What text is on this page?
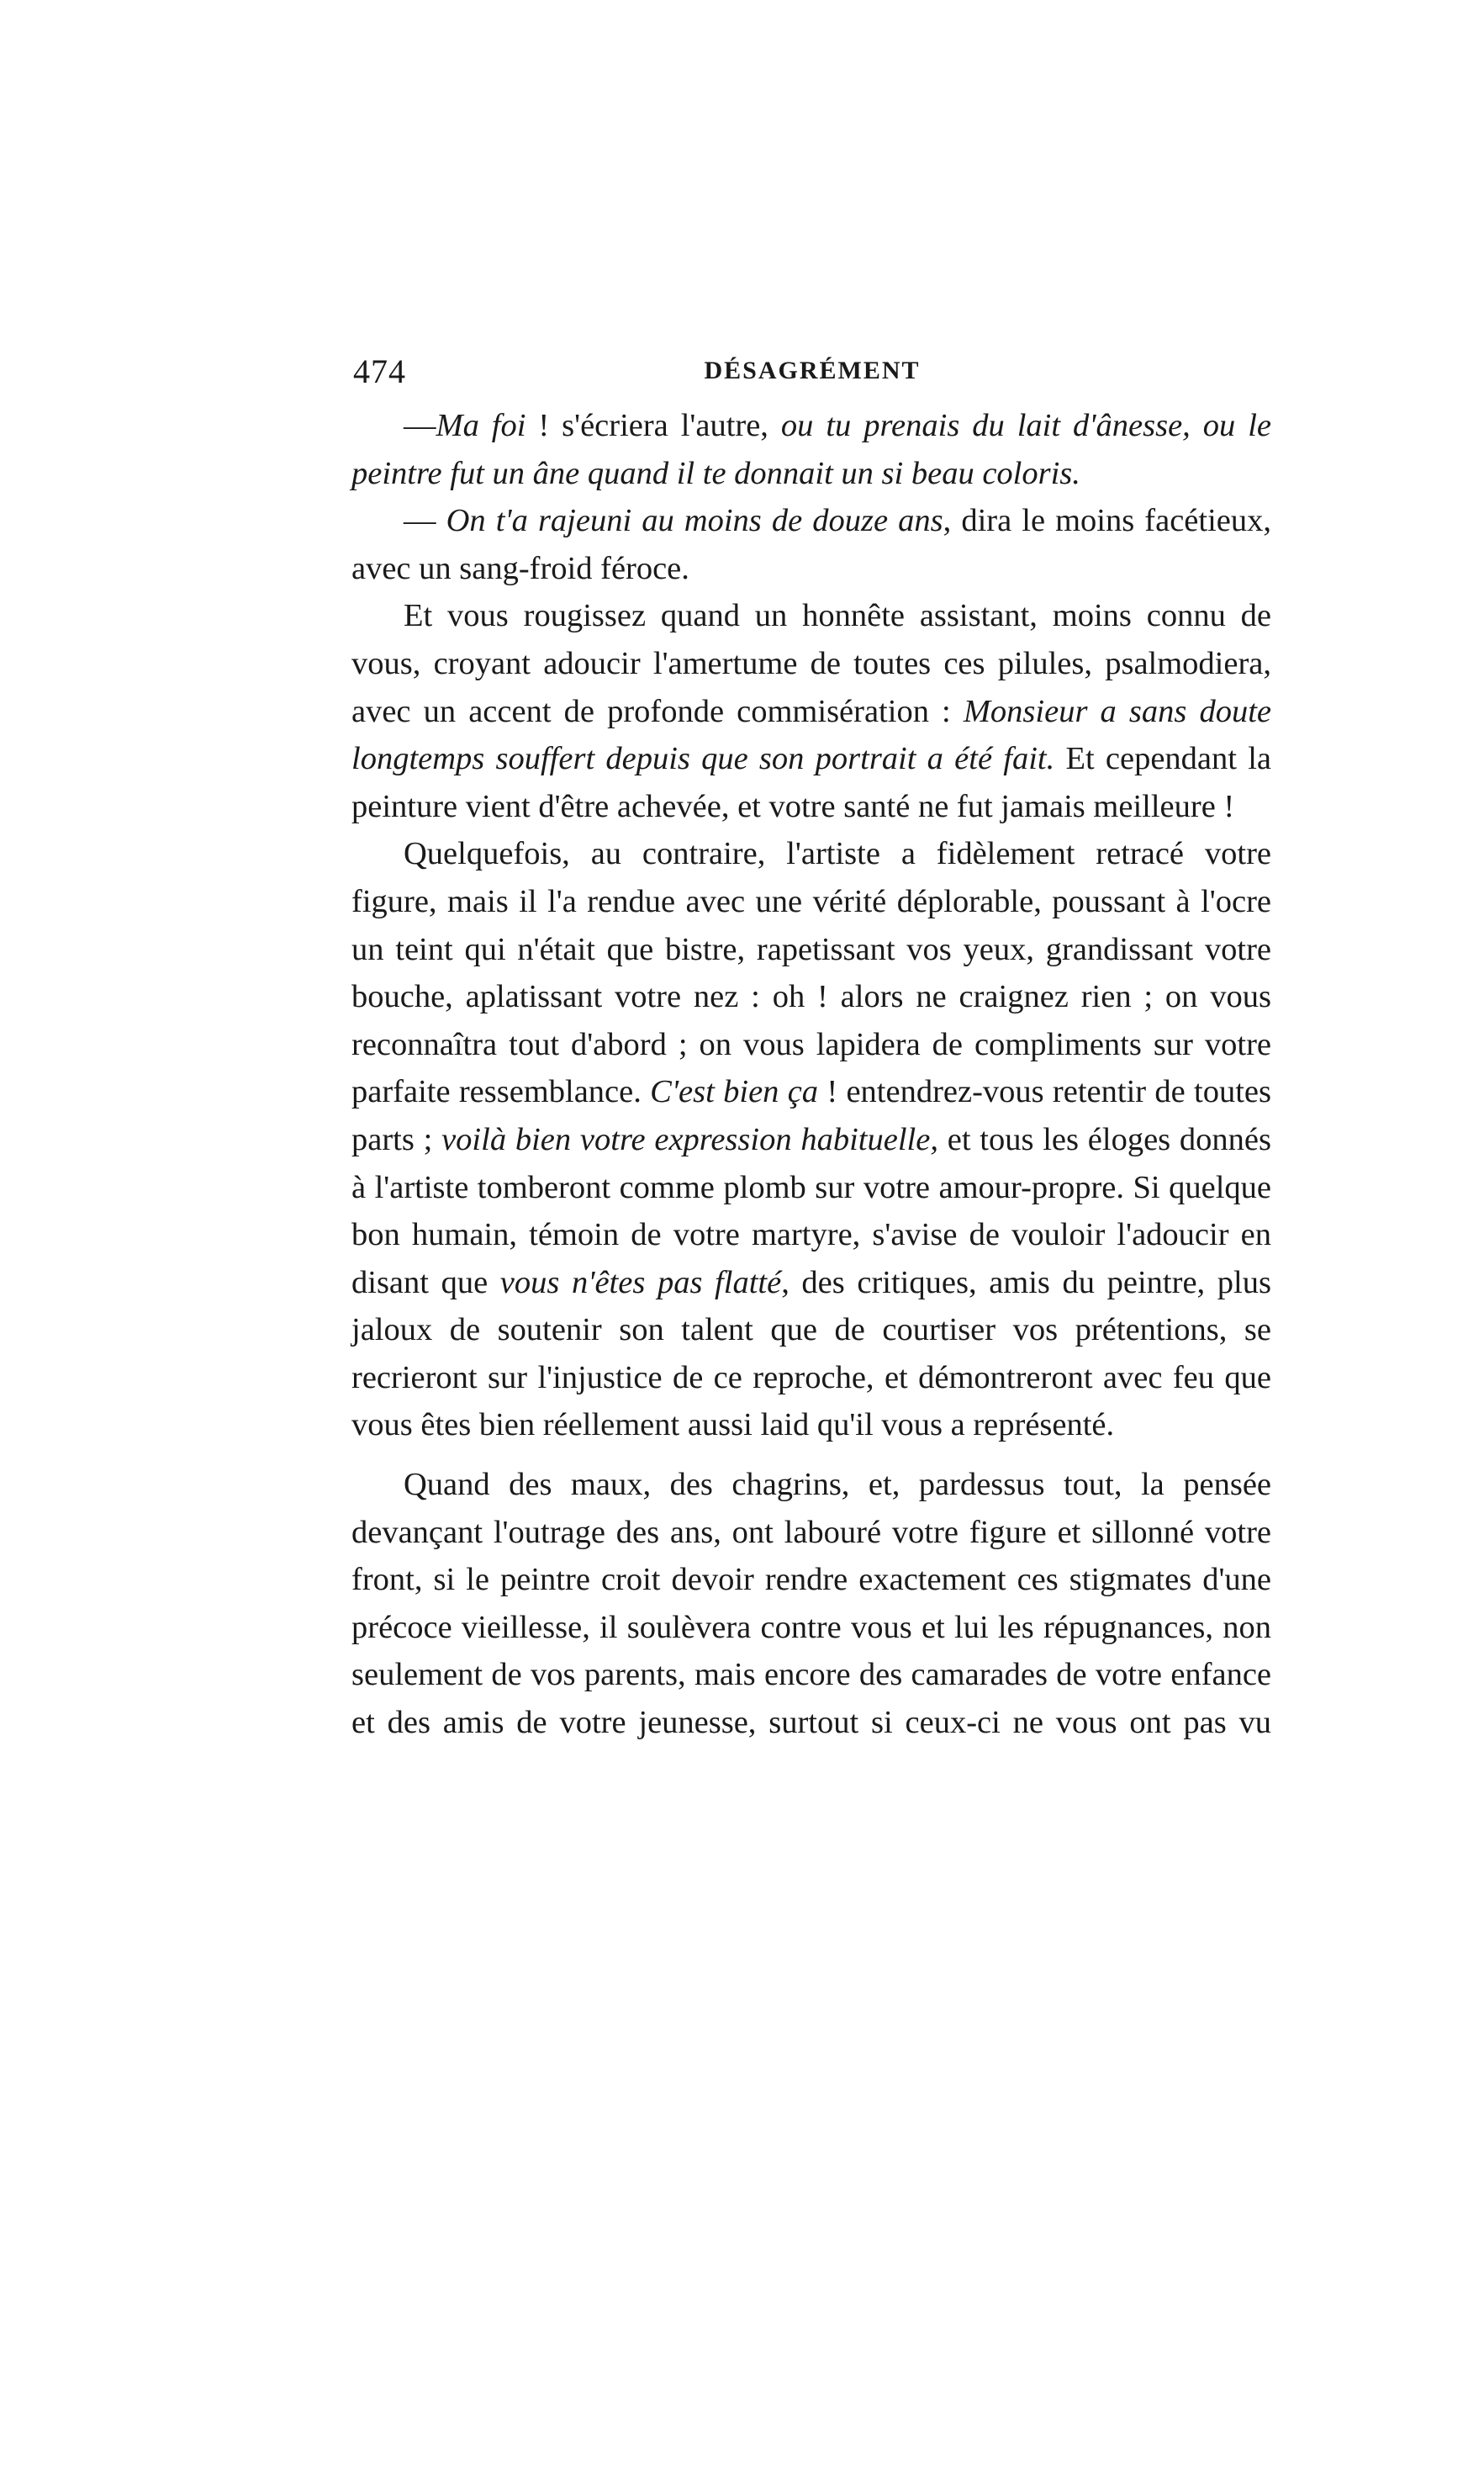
474	DÉSAGRÉMENT

—Ma foi ! s'écriera l'autre, ou tu prenais du lait d'ânesse, ou le peintre fut un âne quand il te donnait un si beau coloris.

— On t'a rajeuni au moins de douze ans, dira le moins facétieux, avec un sang-froid féroce.

Et vous rougissez quand un honnête assistant, moins connu de vous, croyant adoucir l'amertume de toutes ces pilules, psalmodiera, avec un accent de profonde commisération : Monsieur a sans doute longtemps souffert depuis que son portrait a été fait. Et cependant la peinture vient d'être achevée, et votre santé ne fut jamais meilleure !

Quelquefois, au contraire, l'artiste a fidèlement retracé votre figure, mais il l'a rendue avec une vérité déplorable, poussant à l'ocre un teint qui n'était que bistre, rapetissant vos yeux, grandissant votre bouche, aplatissant votre nez : oh ! alors ne craignez rien ; on vous reconnaîtra tout d'abord ; on vous lapidera de compliments sur votre parfaite ressemblance. C'est bien ça ! entendrez-vous retentir de toutes parts ; voilà bien votre expression habituelle, et tous les éloges donnés à l'artiste tomberont comme plomb sur votre amour-propre. Si quelque bon humain, témoin de votre martyre, s'avise de vouloir l'adoucir en disant que vous n'êtes pas flatté, des critiques, amis du peintre, plus jaloux de soutenir son talent que de courtiser vos prétentions, se recrieront sur l'injustice de ce reproche, et démontreront avec feu que vous êtes bien réellement aussi laid qu'il vous a représenté.

Quand des maux, des chagrins, et, pardessus tout, la pensée devançant l'outrage des ans, ont labouré votre figure et sillonné votre front, si le peintre croit devoir rendre exactement ces stigmates d'une précoce vieillesse, il soulèvera contre vous et lui les répugnances, non seulement de vos parents, mais encore des camarades de votre enfance et des amis de votre jeunesse, surtout si ceux-ci ne vous ont pas vu
